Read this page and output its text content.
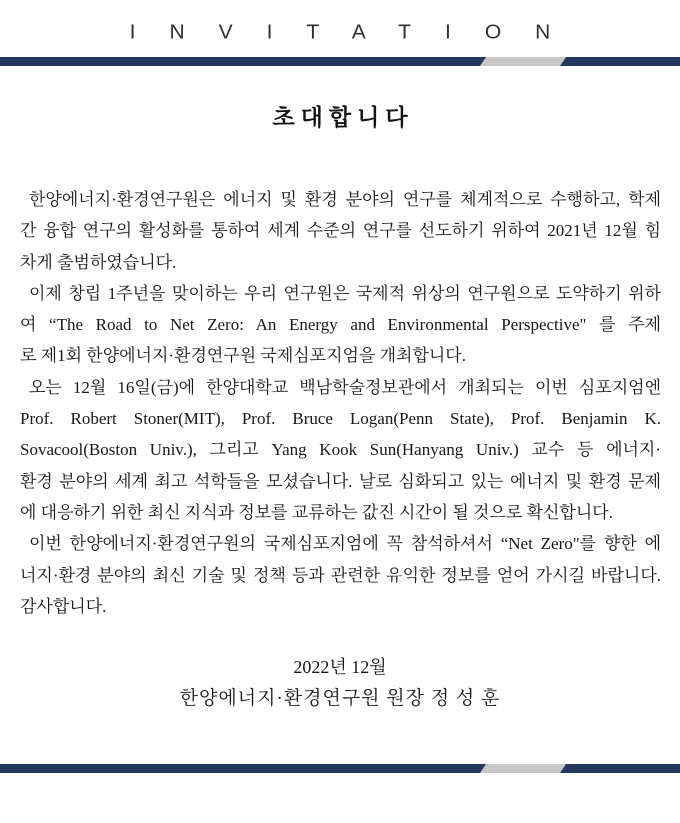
INVITATION
초대합니다
한양에너지·환경연구원은 에너지 및 환경 분야의 연구를 체계적으로 수행하고, 학제
간 융합 연구의 활성화를 통하여 세계 수준의 연구를 선도하기 위하여 2021년 12월 힘
차게 출범하였습니다.
이제 창립 1주년을 맞이하는 우리 연구원은 국제적 위상의 연구원으로 도약하기 위하
여 “The Road to Net Zero: An Energy and Environmental Perspective" 를 주제
로 제1회 한양에너지·환경연구원 국제심포지엄을 개최합니다.
오는 12월 16일(금)에 한양대학교 백남학술정보관에서 개최되는 이번 심포지엄엔
Prof. Robert Stoner(MIT), Prof. Bruce Logan(Penn State), Prof. Benjamin K.
Sovacool(Boston Univ.), 그리고 Yang Kook Sun(Hanyang Univ.) 교수 등 에너지·
환경 분야의 세계 최고 석학들을 모셨습니다. 날로 심화되고 있는 에너지 및 환경 문제
에 대응하기 위한 최신 지식과 정보를 교류하는 값진 시간이 될 것으로 확신합니다.
이번 한양에너지·환경연구원의 국제심포지엄에 꼭 참석하셔서 “Net Zero"를 향한 에
너지·환경 분야의 최신 기술 및 정책 등과 관련한 유익한 정보를 얻어 가시길 바랍니다.
감사합니다.
2022년 12월
한양에너지·환경연구원 원장 정 성 훈
